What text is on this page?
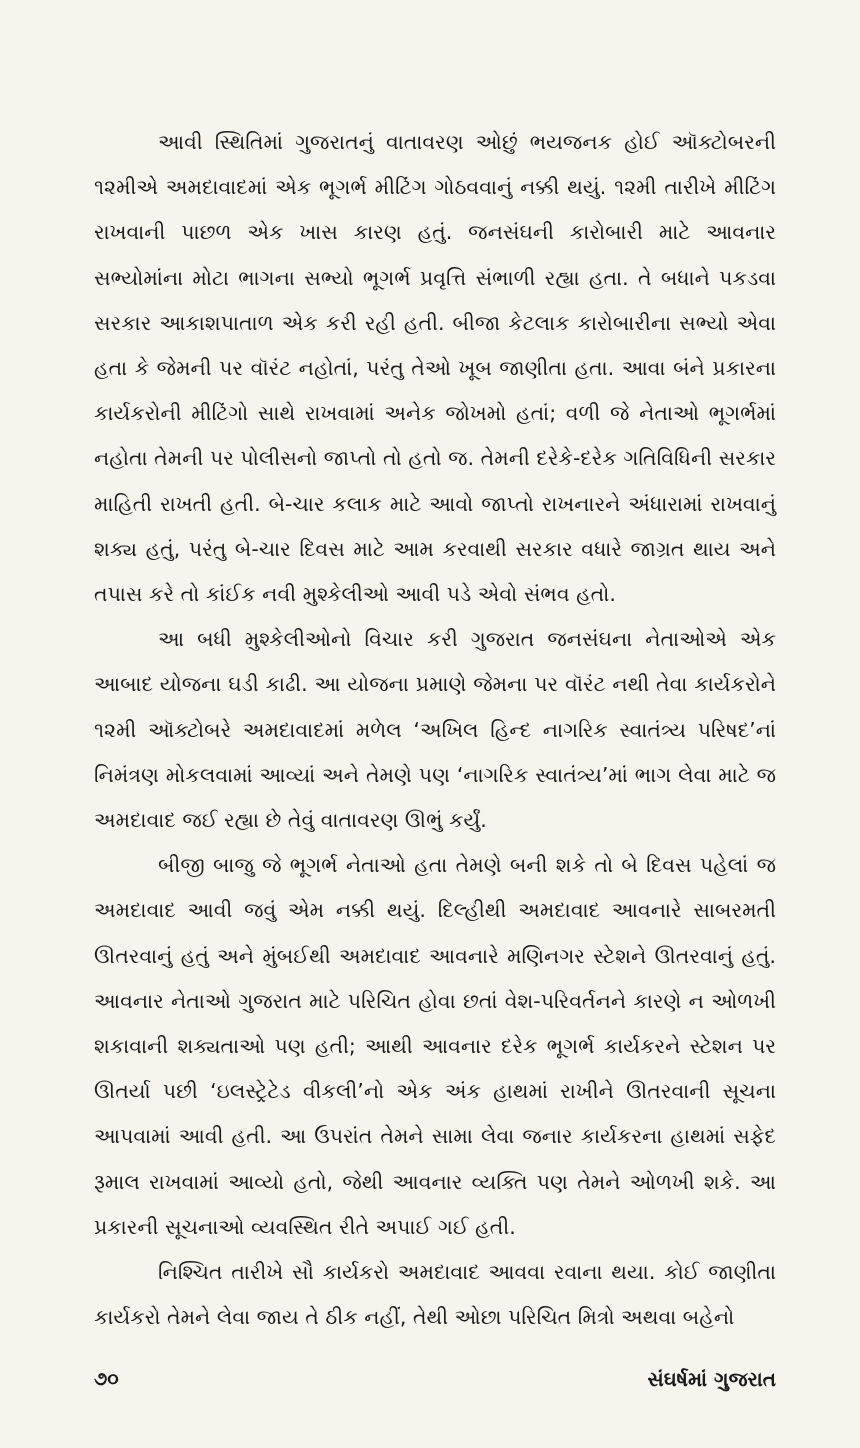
આવી સ્થિતિમાં ગુજરાતનું વાતાવરણ ઓછું ભયજનક હોઈ ઑક્ટોબરની ૧૨મીએ અમદાવાદમાં એક ભૂગર્ભ મીટિંગ ગોઠવવાનું નક્કી થયું. ૧૨મી તારીખે મીટિંગ રાખવાની પાછળ એક ખાસ કારણ હતું. જનસંઘની કારોબારી માટે આવનાર સભ્યોમાંના મોટા ભાગના સભ્યો ભૂગર્ભ પ્રવૃત્તિ સંભાળી રહ્યા હતા. તે બધાને પકડવા સરકાર આકાશપાતાળ એક કરી રહી હતી. બીજા કેટલાક કારોબારીના સભ્યો એવા હતા કે જેમની પર વૉરંટ નહોતાં, પરંતુ તેઓ ખૂબ જાણીતા હતા. આવા બંને પ્રકારના કાર્યકરોની મીટિંગો સાથે રાખવામાં અનેક જોખમો હતાં; વળી જે નેતાઓ ભૂગર્ભમાં નહોતા તેમની પર પોલીસનો જાપ્તો તો હતો જ. તેમની દરેકે-દરેક ગતિવિધિની સરકાર માહિતી રાખતી હતી. બે-ચાર કલાક માટે આવો જાપ્તો રાખનારને અંધારામાં રાખવાનું શક્ય હતું, પરંતુ બે-ચાર દિવસ માટે આમ કરવાથી સરકાર વધારે જાગ્રત થાય અને તપાસ કરે તો કાંઈક નવી મુશ્કેલીઓ આવી પડે એવો સંભવ હતો.

આ બધી મુશ્કેલીઓનો વિચાર કરી ગુજરાત જનસંઘના નેતાઓએ એક આબાદ યોજના ઘડી કાઢી. આ યોજના પ્રમાણે જેમના પર વૉરંટ નથી તેવા કાર્યકરોને ૧૨મી ઑક્ટોબરે અમદાવાદમાં મળેલ ‘અખિલ હિન્દ નાગરિક સ્વાતંત્ર્ય પરિષદ’નાં નિમંત્રણ મોકલવામાં આવ્યાં અને તેમણે પણ ‘નાગરિક સ્વાતંત્ર્ય’માં ભાગ લેવા માટે જ અમદાવાદ જઈ રહ્યા છે તેવું વાતાવરણ ઊભું કર્યું.

બીજી બાજુ જે ભૂગર્ભ નેતાઓ હતા તેમણે બની શકે તો બે દિવસ પહેલાં જ અમદાવાદ આવી જવું એમ નક્કી થયું. દિલ્હીથી અમદાવાદ આવનારે સાબરમતી ઊતરવાનું હતું અને મુંબઈથી અમદાવાદ આવનારે મણિનગર સ્ટેશને ઊતરવાનું હતું. આવનાર નેતાઓ ગુજરાત માટે પરિચિત હોવા છતાં વેશ-પરિવર્તનને કારણે ન ઓળખી શકાવાની શક્યતાઓ પણ હતી; આથી આવનાર દરેક ભૂગર્ભ કાર્યકરને સ્ટેશન પર ઊતર્યા પછી ‘ઇલસ્ટ્રેટેડ વીકલી’નો એક અંક હાથમાં રાખીને ઊતરવાની સૂચના આપવામાં આવી હતી. આ ઉપરાંત તેમને સામા લેવા જનાર કાર્યકરના હાથમાં સફેદ રૂમાલ રાખવામાં આવ્યો હતો, જેથી આવનાર વ્યક્તિ પણ તેમને ઓળખી શકે. આ પ્રકારની સૂચનાઓ વ્યવસ્થિત રીતે અપાઈ ગઈ હતી.

નિશ્ચિત તારીખે સૌ કાર્યકરો અમદાવાદ આવવા રવાના થયા. કોઈ જાણીતા કાર્યકરો તેમને લેવા જાય તે ઠીક નહીં, તેથી ઓછા પરિચિત મિત્રો અથવા બહેનો

૭૦	સંઘર્ષમાં ગુજરાત
